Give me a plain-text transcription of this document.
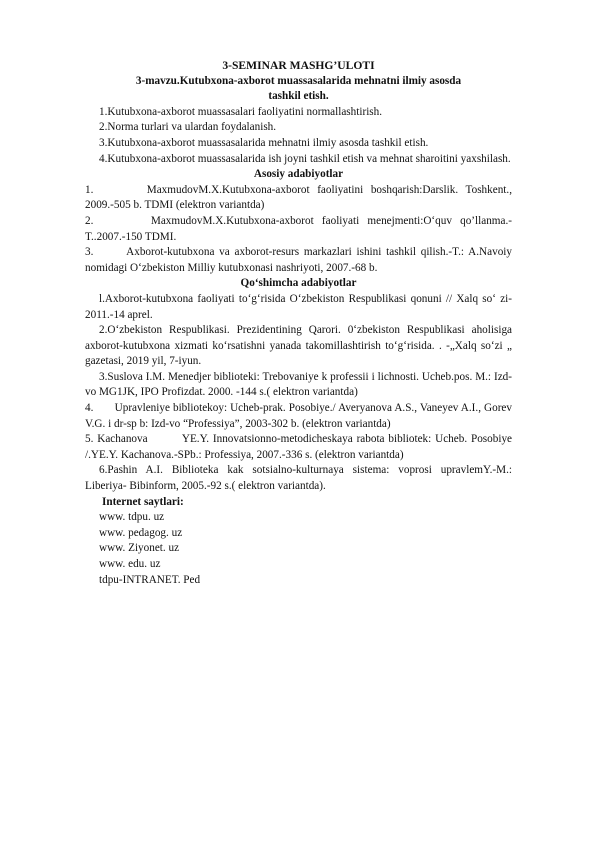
3-SEMINAR MASHG’ULOTI

3-mavzu.Kutubxona-axborot muassasalarida mehnatni ilmiy asosda tashkil etish.

1.Kutubxona-axborot muassasalari faoliyatini normallashtirish.

2.Norma turlari va ulardan foydalanish.

3.Kutubxona-axborot muassasalarida mehnatni ilmiy asosda tashkil etish.

4.Kutubxona-axborot muassasalarida ish joyni tashkil etish va mehnat sharoitini yaxshilash.

Asosiy adabiyotlar

1.       MaxmudovM.X.Kutubxona-axborot faoliyatini boshqarish:Darslik. Toshkent., 2009.-505 b. TDMI (elektron variantda)

2.       MaxmudovM.X.Kutubxona-axborot faoliyati menejmenti:O‘quv qo’llanma.-T..2007.-150 TDMI.

3.       Axborot-kutubxona va axborot-resurs markazlari ishini tashkil qilish.-T.: A.Navoiy nomidagi O‘zbekiston Milliy kutubxonasi nashriyoti, 2007.-68 b.

Qo‘shimcha adabiyotlar

l.Axborot-kutubxona faoliyati to‘g‘risida O‘zbekiston Respublikasi qonuni // Xalq so‘ zi-2011.-14 aprel.

2.O‘zbekiston Respublikasi. Prezidentining Qarori. 0‘zbekiston Respublikasi aholisiga axborot-kutubxona xizmati ko‘rsatishni yanada takomillashtirish to‘g‘risida. . -„Xalq so‘zi „ gazetasi, 2019 yil, 7-iyun.

3.Suslova I.M. Menedjer biblioteki: Trebovaniye k professii i lichnosti. Ucheb.pos. M.: Izd-vo MG1JK, IPO Profizdat. 2000. -144 s.( elektron variantda)

4.       Upravleniye bibliotekoy: Ucheb-prak. Posobiye./ Averyanova A.S., Vaneyev A.I., Gorev V.G. i dr-sp b: Izd-vo “Professiya”, 2003-302 b. (elektron variantda)

5. Kachanova         YE.Y. Innovatsionno-metodicheskaya rabota bibliotek: Ucheb. Posobiye /.YE.Y. Kachanova.-SPb.: Professiya, 2007.-336 s. (elektron variantda)

6.Pashin A.I. Biblioteka kak sotsialno-kulturnaya sistema: voprosi upravlemY.-M.: Liberiya- Bibinform, 2005.-92 s.( elektron variantda).

Internet saytlari:

www. tdpu. uz

www. pedagog. uz

www. Ziyonet. uz

www. edu. uz

tdpu-INTRANET. Ped
